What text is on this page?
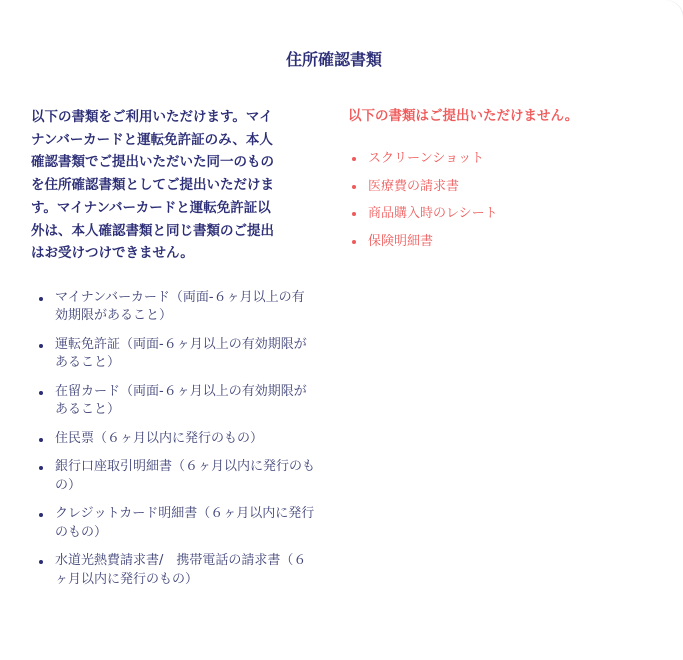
住所確認書類

以下の書類をご利用いただけます。マイ
ナンバーカードと運転免許証のみ、本人
確認書類でご提出いただいた同一のもの
を住所確認書類としてご提出いただけま
す。マイナンバーカードと運転免許証以
外は、本人確認書類と同じ書類のご提出
はお受けつけできません。

マイナンバーカード（両面-６ヶ月以上の有
効期限があること）
運転免許証（両面-６ヶ月以上の有効期限が
あること）
在留カード（両面-６ヶ月以上の有効期限が
あること）
住民票（６ヶ月以内に発行のもの）
銀行口座取引明細書（６ヶ月以内に発行のも
の）
クレジットカード明細書（６ヶ月以内に発行
のもの）
水道光熱費請求書/　携帯電話の請求書（６
ヶ月以内に発行のもの）

以下の書類はご提出いただけません。

スクリーンショット
医療費の請求書
商品購入時のレシート
保険明細書
